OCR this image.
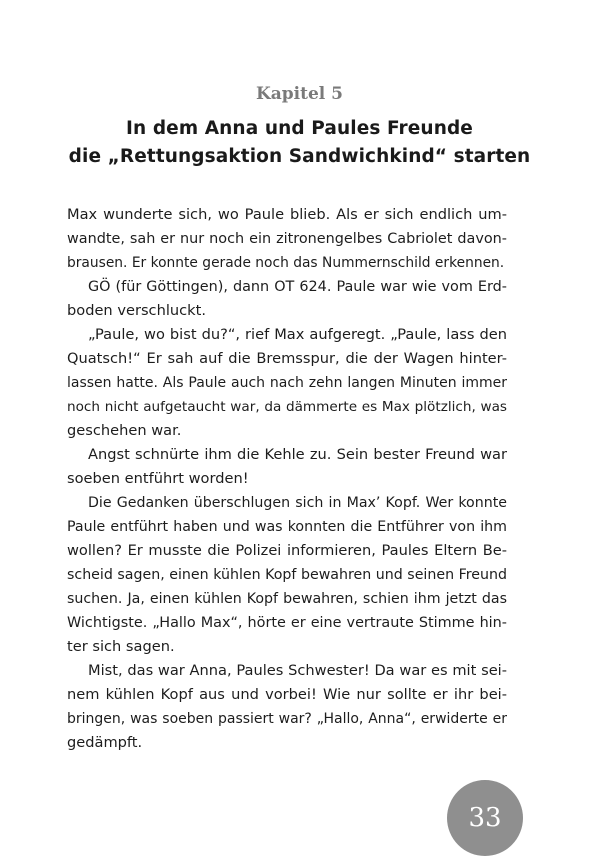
Kapitel 5
In dem Anna und Paules Freunde
die „Rettungsaktion Sandwichkind“ starten
Max wunderte sich, wo Paule blieb. Als er sich endlich um-
wandte, sah er nur noch ein zitronengelbes Cabriolet davon-
brausen. Er konnte gerade noch das Nummernschild erkennen.
GÖ (für Göttingen), dann OT 624. Paule war wie vom Erd-
boden verschluckt.
„Paule, wo bist du?“, rief Max aufgeregt. „Paule, lass den
Quatsch!“ Er sah auf die Bremsspur, die der Wagen hinter-
lassen hatte. Als Paule auch nach zehn langen Minuten immer
noch nicht aufgetaucht war, da dämmerte es Max plötzlich, was
geschehen war.
Angst schnürte ihm die Kehle zu. Sein bester Freund war
soeben entführt worden!
Die Gedanken überschlugen sich in Max’ Kopf. Wer konnte
Paule entführt haben und was konnten die Entführer von ihm
wollen? Er musste die Polizei informieren, Paules Eltern Be-
scheid sagen, einen kühlen Kopf bewahren und seinen Freund
suchen. Ja, einen kühlen Kopf bewahren, schien ihm jetzt das
Wichtigste. „Hallo Max“, hörte er eine vertraute Stimme hin-
ter sich sagen.
Mist, das war Anna, Paules Schwester! Da war es mit sei-
nem kühlen Kopf aus und vorbei! Wie nur sollte er ihr bei-
bringen, was soeben passiert war? „Hallo, Anna“, erwiderte er
gedämpft.
33
